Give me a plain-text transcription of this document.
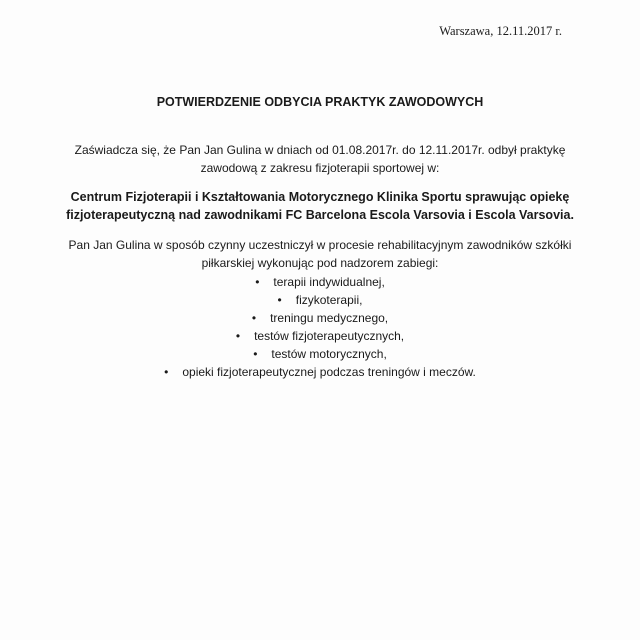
Warszawa, 12.11.2017 r.
POTWIERDZENIE ODBYCIA PRAKTYK ZAWODOWYCH
Zaświadcza się, że Pan Jan Gulina w dniach od 01.08.2017r. do 12.11.2017r. odbył praktykę
zawodową z zakresu fizjoterapii sportowej w:
Centrum Fizjoterapii i Kształtowania Motorycznego Klinika Sportu sprawując opiekę
fizjoterapeutyczną nad zawodnikami FC Barcelona Escola Varsovia i Escola Varsovia.
Pan Jan Gulina w sposób czynny uczestniczył w procesie rehabilitacyjnym zawodników szkółki
piłkarskiej wykonując pod nadzorem zabiegi:
• terapii indywidualnej,
• fizykoterapii,
• treningu medycznego,
• testów fizjoterapeutycznych,
• testów motorycznych,
• opieki fizjoterapeutycznej podczas treningów i meczów.
